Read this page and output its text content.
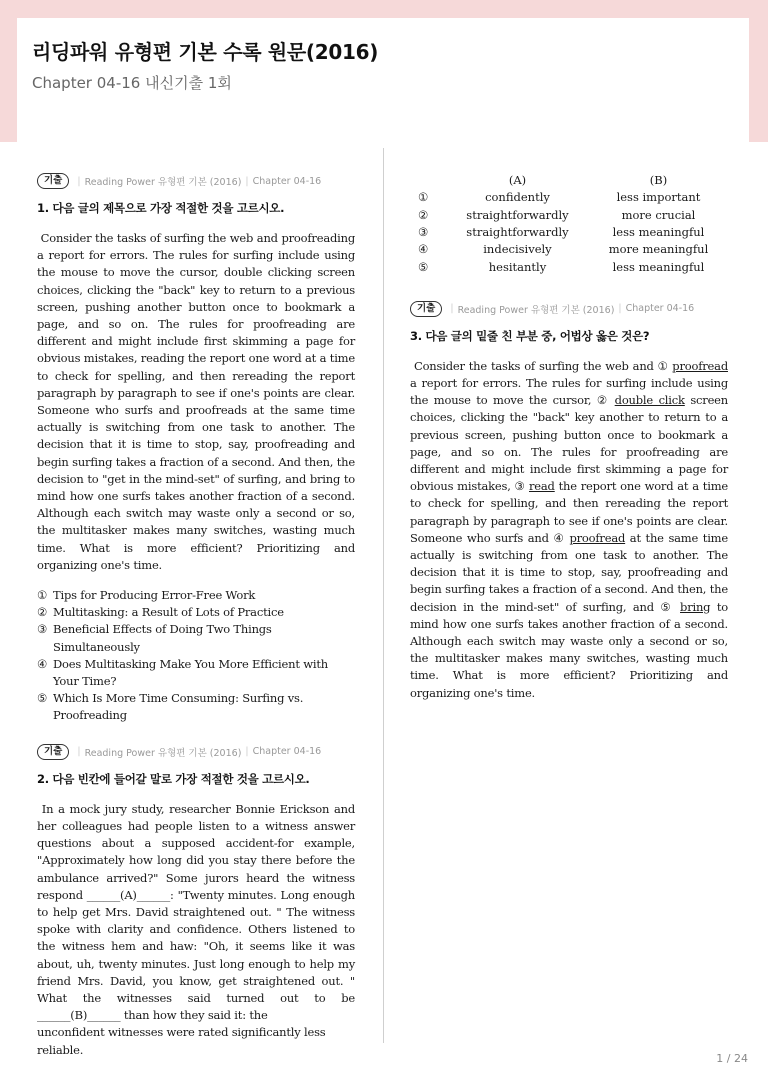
리딩파워 유형편 기본 수록 원문(2016)
Chapter 04-16 내신기출 1회
기출	| Reading Power 유형편 기본 (2016) | Chapter 04-16
1. 다음 글의 제목으로 가장 적절한 것을 고르시오.

Consider the tasks of surfing the web and proofreading a report for errors. The rules for surfing include using the mouse to move the cursor, double clicking screen choices, clicking the "back" key to return to a previous screen, pushing another button once to bookmark a page, and so on. The rules for proofreading are different and might include first skimming a page for obvious mistakes, reading the report one word at a time to check for spelling, and then rereading the report paragraph by paragraph to see if one's points are clear. Someone who surfs and proofreads at the same time actually is switching from one task to another. The decision that it is time to stop, say, proofreading and begin surfing takes a fraction of a second. And then, the decision to "get in the mind-set" of surfing, and bring to mind how one surfs takes another fraction of a second. Although each switch may waste only a second or so, the multitasker makes many switches, wasting much time. What is more efficient? Prioritizing and organizing one's time.

① Tips for Producing Error-Free Work
② Multitasking: a Result of Lots of Practice
③ Beneficial Effects of Doing Two Things Simultaneously
④ Does Multitasking Make You More Efficient with Your Time?
⑤ Which Is More Time Consuming: Surfing vs. Proofreading
기출	| Reading Power 유형편 기본 (2016) | Chapter 04-16
2. 다음 빈칸에 들어갈 말로 가장 적절한 것을 고르시오.

In a mock jury study, researcher Bonnie Erickson and her colleagues had people listen to a witness answer questions about a supposed accident-for example, "Approximately how long did you stay there before the ambulance arrived?" Some jurors heard the witness respond ______(A)______: "Twenty minutes. Long enough to help get Mrs. David straightened out. " The witness spoke with clarity and confidence. Others listened to the witness hem and haw: "Oh, it seems like it was about, uh, twenty minutes. Just long enough to help my friend Mrs. David, you know, get straightened out. " What the witnesses said turned out to be ______(B)______ than how they said it: the

unconfident witnesses were rated significantly less reliable.

	(A)	(B)
①	confidently	less important
②	straightforwardly	more crucial
③	straightforwardly	less meaningful
④	indecisively	more meaningful
⑤	hesitantly	less meaningful
기출	| Reading Power 유형편 기본 (2016) | Chapter 04-16
3. 다음 글의 밑줄 친 부분 중, 어법상 옳은 것은?

Consider the tasks of surfing the web and ① proofread a report for errors. The rules for surfing include using the mouse to move the cursor, ② double click screen choices, clicking the "back" key another to return to a previous screen, pushing button once to bookmark a page, and so on. The rules for proofreading are different and might include first skimming a page for obvious mistakes, ③ read the report one word at a time to check for spelling, and then rereading the report paragraph by paragraph to see if one's points are clear. Someone who surfs and ④ proofread at the same time actually is switching from one task to another. The decision that it is time to stop, say, proofreading and begin surfing takes a fraction of a second. And then, the decision in the mind-set" of surfing, and ⑤ bring to mind how one surfs takes another fraction of a second. Although each switch may waste only a second or so, the multitasker makes many switches, wasting much time. What is more efficient? Prioritizing and organizing one's time.

1 / 24
